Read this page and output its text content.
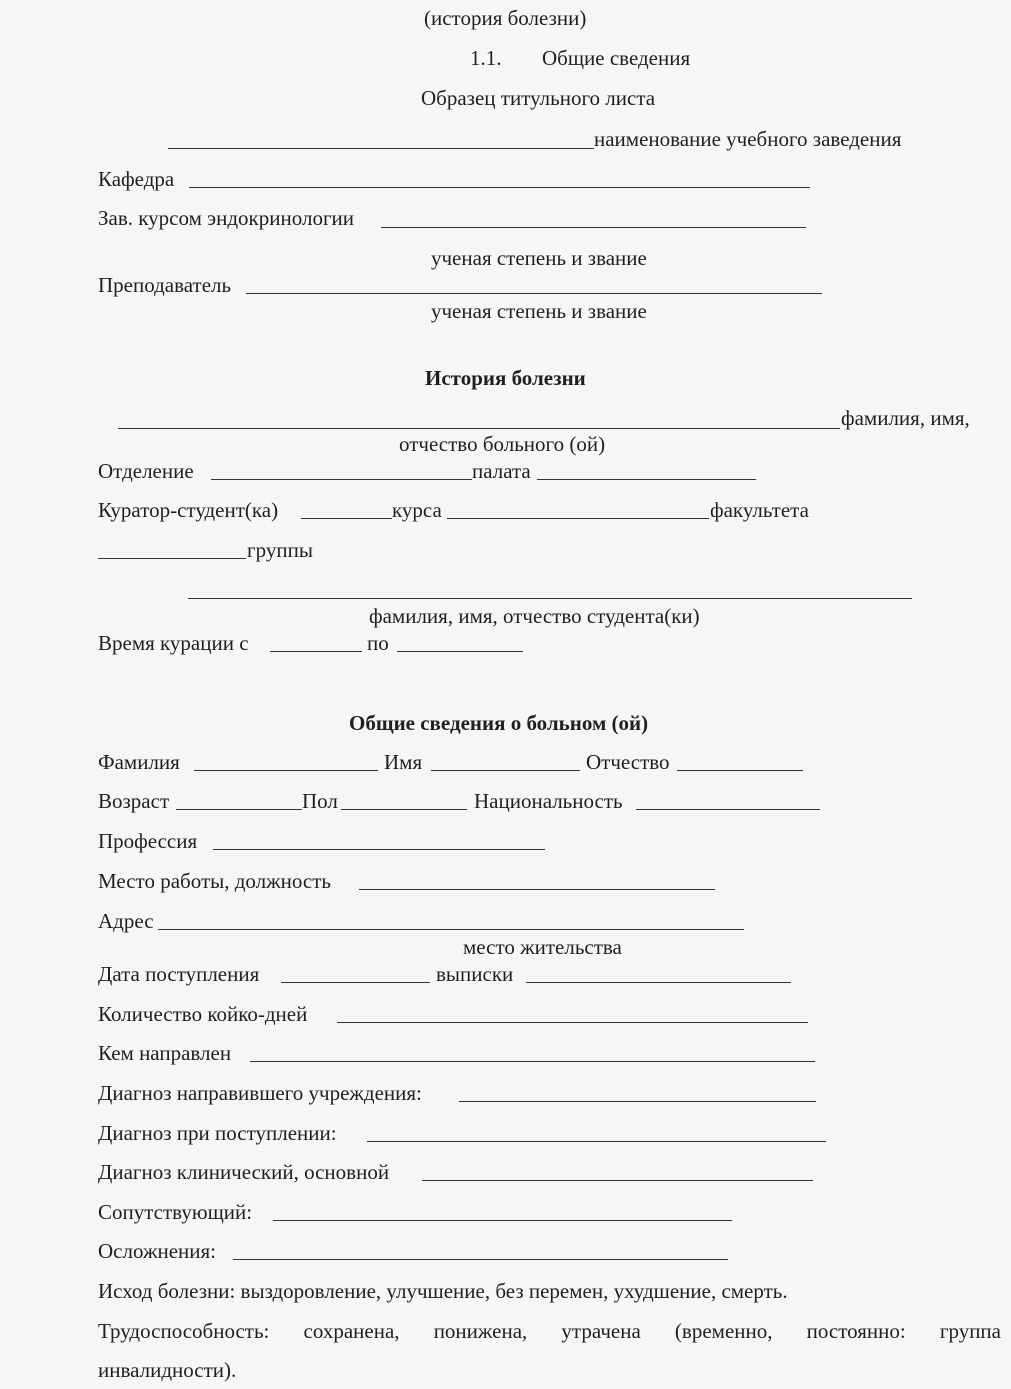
(история болезни)
1.1. Общие сведения
Образец титульного листа
наименование учебного заведения
Кафедра
Зав. курсом эндокринологии
ученая степень и звание
Преподаватель
ученая степень и звание
История болезни
фамилия, имя,
отчество больного (ой)
Отделение	палата
Куратор-студент(ка)	курса	факультета
группы
фамилия, имя, отчество студента(ки)
Время курации с	по
Общие сведения о больном (ой)
Фамилия	Имя	Отчество
Возраст	Пол	Национальность
Профессия
Место работы, должность
Адрес
место жительства
Дата поступления	выписки
Количество койко-дней
Кем направлен
Диагноз направившего учреждения:
Диагноз при поступлении:
Диагноз клинический, основной
Сопутствующий:
Осложнения:
Исход болезни: выздоровление, улучшение, без перемен, ухудшение, смерть.
Трудоспособность: сохранена, понижена, утрачена (временно, постоянно: группа
инвалидности).
